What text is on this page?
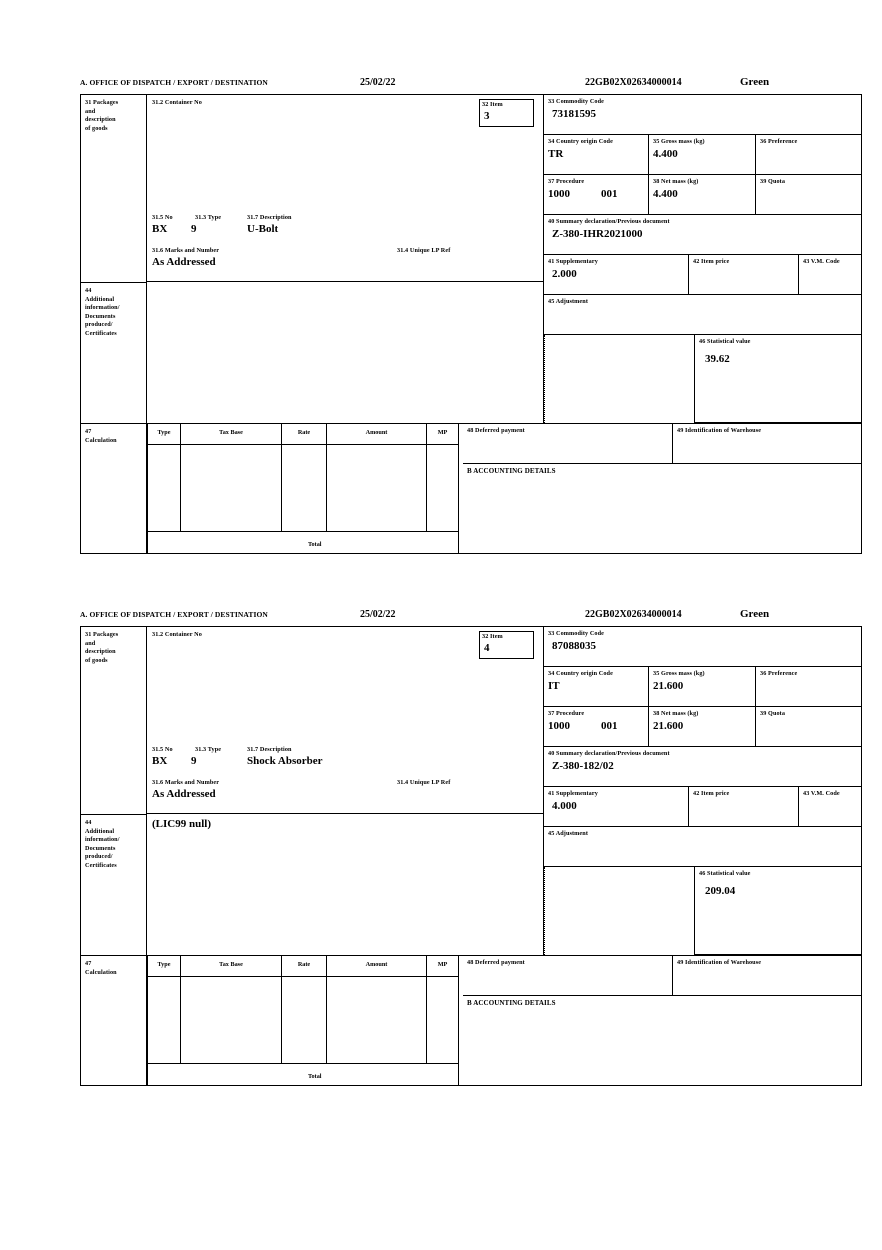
A. OFFICE OF DISPATCH / EXPORT / DESTINATION	25/02/22	22GB02X02634000014	Green
31 Packages
and
description
of goods
31.2 Container No	32 Item
3
31.5 No	31.3 Type	31.7 Description
BX 9	U-Bolt
31.6 Marks and Number	31.4 Unique LP Ref
As Addressed
44
Additional
information/
Documents
produced/
Certificates
33 Commodity Code
73181595
34 Country origin Code
TR
35 Gross mass (kg)
4.400
36 Preference
37 Procedure
1000	001
38 Net mass (kg)
4.400
39 Quota
40 Summary declaration/Previous document
Z-380-IHR2021000
41 Supplementary
2.000
42 Item price	43 V.M. Code
45 Adjustment
46 Statistical value
39.62
47
Calculation
Type	Tax Base	Rate	Amount	MP
Total
48 Deferred payment	49 Identification of Warehouse
B ACCOUNTING DETAILS
A. OFFICE OF DISPATCH / EXPORT / DESTINATION	25/02/22	22GB02X02634000014	Green
31 Packages
and
description
of goods
31.2 Container No	32 Item
4
31.5 No	31.3 Type	31.7 Description
BX 9	Shock Absorber
31.6 Marks and Number	31.4 Unique LP Ref
As Addressed
44
Additional
information/
Documents
produced/
Certificates
(LIC99 null)
33 Commodity Code
87088035
34 Country origin Code
IT
35 Gross mass (kg)
21.600
36 Preference
37 Procedure
1000	001
38 Net mass (kg)
21.600
39 Quota
40 Summary declaration/Previous document
Z-380-182/02
41 Supplementary
4.000
42 Item price	43 V.M. Code
45 Adjustment
46 Statistical value
209.04
47
Calculation
Type	Tax Base	Rate	Amount	MP
Total
48 Deferred payment	49 Identification of Warehouse
B ACCOUNTING DETAILS
